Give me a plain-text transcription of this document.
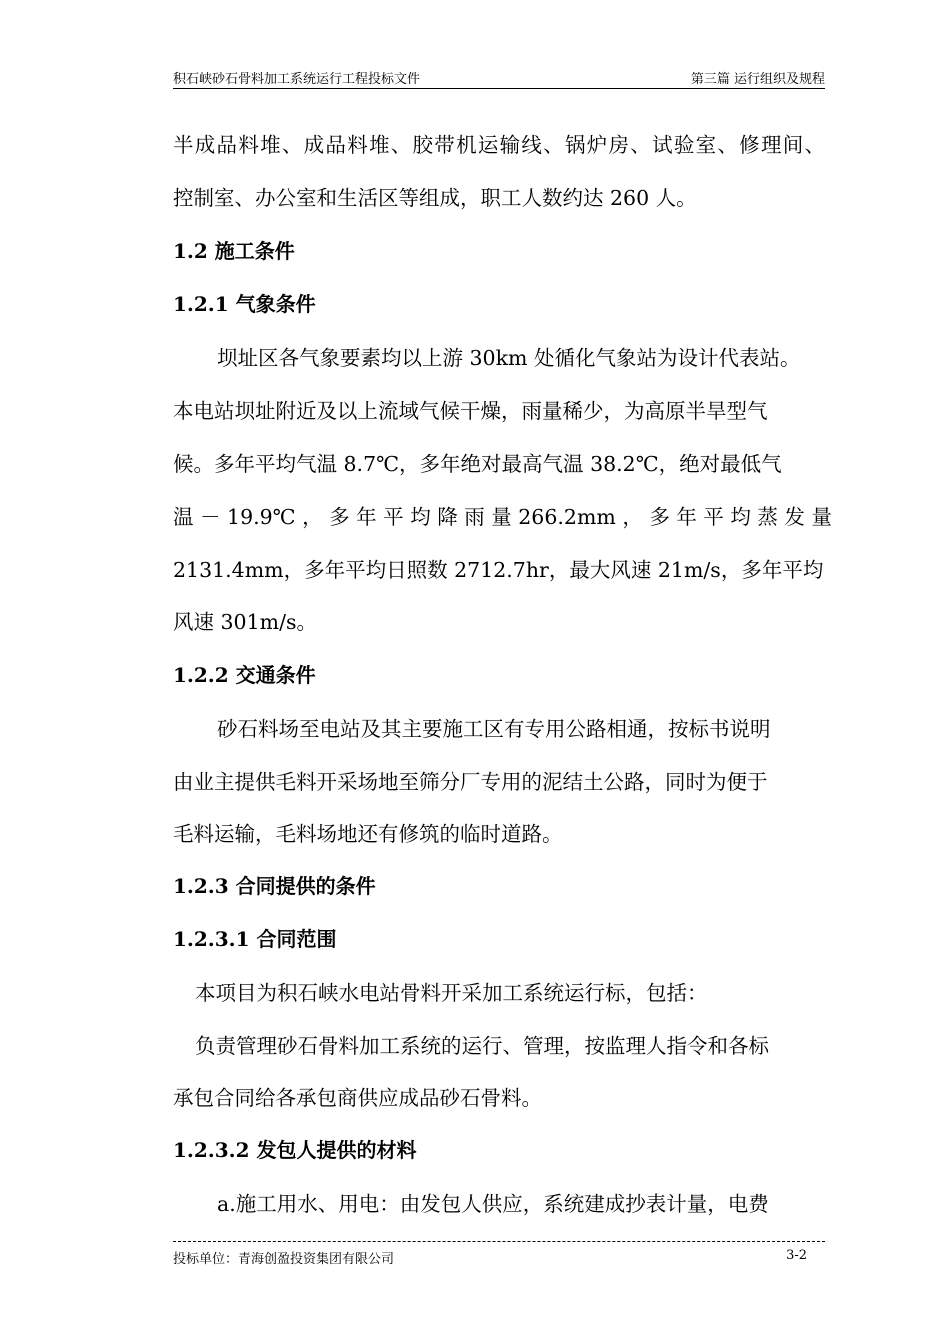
积石峡砂石骨料加工系统运行工程投标文件	第三篇 运行组织及规程
半成品料堆、成品料堆、胶带机运输线、锅炉房、试验室、修理间、
控制室、办公室和生活区等组成，职工人数约达 260 人。
1.2 施工条件
1.2.1 气象条件
坝址区各气象要素均以上游 30km 处循化气象站为设计代表站。
本电站坝址附近及以上流域气候干燥，雨量稀少，为高原半旱型气
候。多年平均气温 8.7℃，多年绝对最高气温 38.2℃，绝对最低气
温 － 19.9℃ ， 多 年 平 均 降 雨 量 266.2mm ， 多 年 平 均 蒸 发 量
2131.4mm，多年平均日照数 2712.7hr，最大风速 21m/s，多年平均
风速 301m/s。
1.2.2 交通条件
砂石料场至电站及其主要施工区有专用公路相通，按标书说明
由业主提供毛料开采场地至筛分厂专用的泥结土公路，同时为便于
毛料运输，毛料场地还有修筑的临时道路。
1.2.3 合同提供的条件
1.2.3.1 合同范围
本项目为积石峡水电站骨料开采加工系统运行标，包括：
负责管理砂石骨料加工系统的运行、管理，按监理人指令和各标
承包合同给各承包商供应成品砂石骨料。
1.2.3.2 发包人提供的材料
a.施工用水、用电：由发包人供应，系统建成抄表计量，电费
投标单位：青海创盈投资集团有限公司	3-2
